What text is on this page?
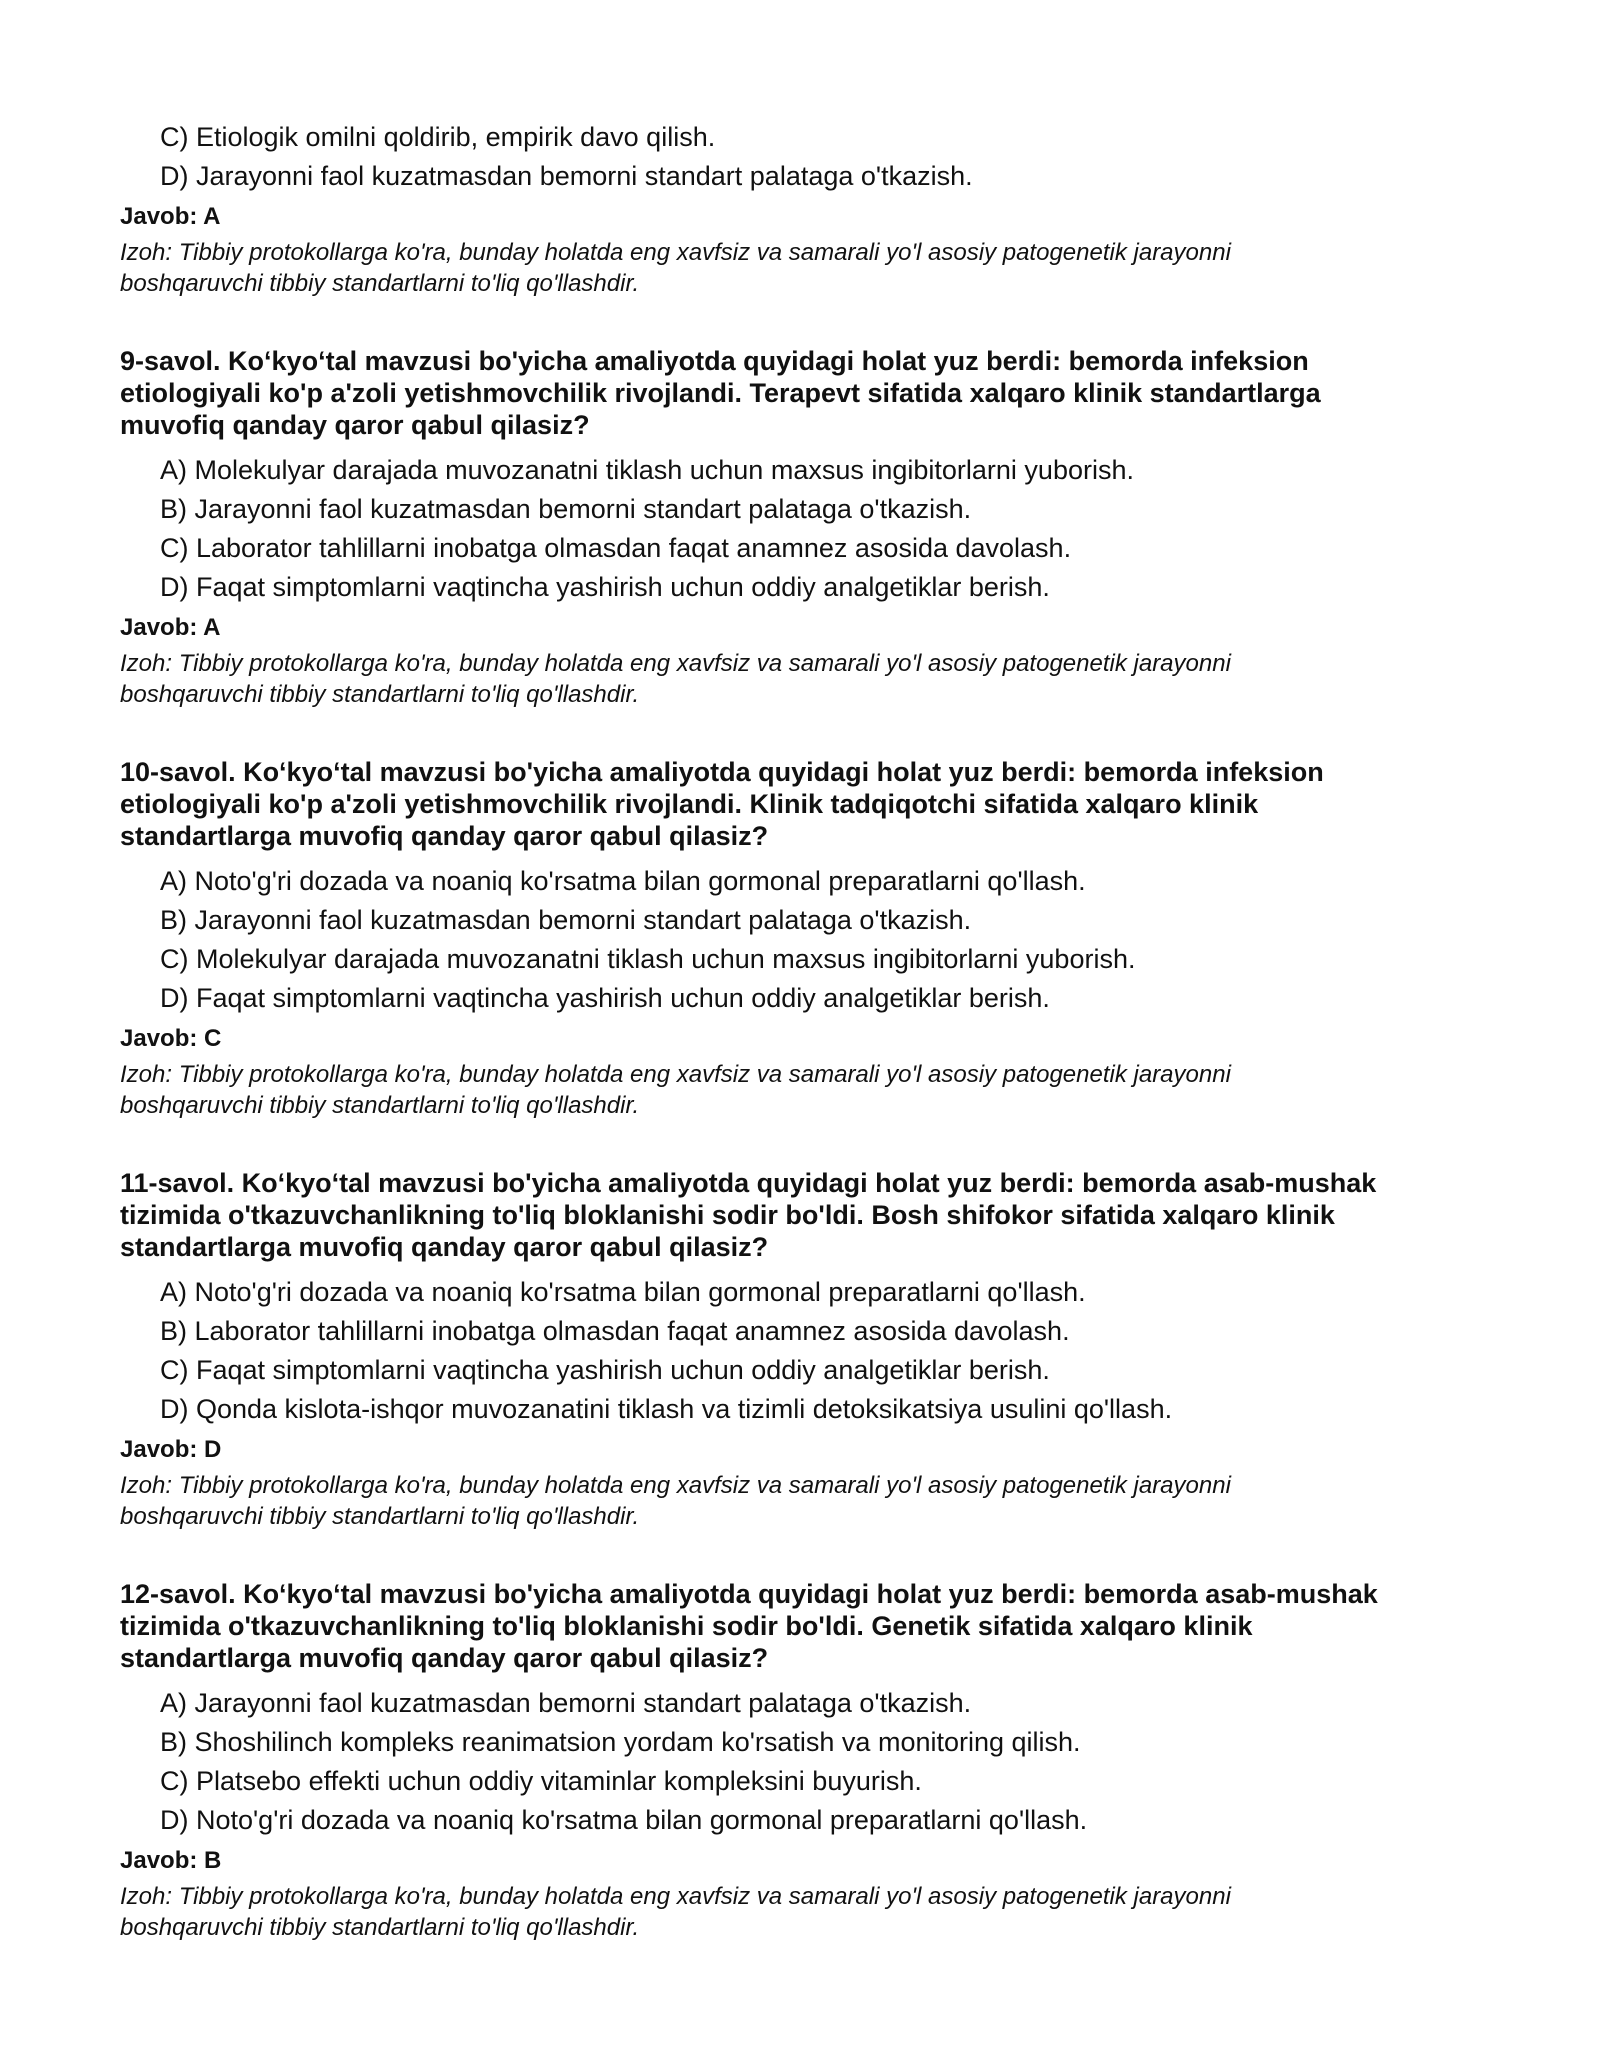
C) Etiologik omilni qoldirib, empirik davo qilish.
D) Jarayonni faol kuzatmasdan bemorni standart palataga o'tkazish.
Javob: A
Izoh: Tibbiy protokollarga ko'ra, bunday holatda eng xavfsiz va samarali yo'l asosiy patogenetik jarayonni
boshqaruvchi tibbiy standartlarni to'liq qo'llashdir.
9-savol. Ko‘kyo‘tal mavzusi bo'yicha amaliyotda quyidagi holat yuz berdi: bemorda infeksion
etiologiyali ko'p a'zoli yetishmovchilik rivojlandi. Terapevt sifatida xalqaro klinik standartlarga
muvofiq qanday qaror qabul qilasiz?
A) Molekulyar darajada muvozanatni tiklash uchun maxsus ingibitorlarni yuborish.
B) Jarayonni faol kuzatmasdan bemorni standart palataga o'tkazish.
C) Laborator tahlillarni inobatga olmasdan faqat anamnez asosida davolash.
D) Faqat simptomlarni vaqtincha yashirish uchun oddiy analgetiklar berish.
Javob: A
Izoh: Tibbiy protokollarga ko'ra, bunday holatda eng xavfsiz va samarali yo'l asosiy patogenetik jarayonni
boshqaruvchi tibbiy standartlarni to'liq qo'llashdir.
10-savol. Ko‘kyo‘tal mavzusi bo'yicha amaliyotda quyidagi holat yuz berdi: bemorda infeksion
etiologiyali ko'p a'zoli yetishmovchilik rivojlandi. Klinik tadqiqotchi sifatida xalqaro klinik
standartlarga muvofiq qanday qaror qabul qilasiz?
A) Noto'g'ri dozada va noaniq ko'rsatma bilan gormonal preparatlarni qo'llash.
B) Jarayonni faol kuzatmasdan bemorni standart palataga o'tkazish.
C) Molekulyar darajada muvozanatni tiklash uchun maxsus ingibitorlarni yuborish.
D) Faqat simptomlarni vaqtincha yashirish uchun oddiy analgetiklar berish.
Javob: C
Izoh: Tibbiy protokollarga ko'ra, bunday holatda eng xavfsiz va samarali yo'l asosiy patogenetik jarayonni
boshqaruvchi tibbiy standartlarni to'liq qo'llashdir.
11-savol. Ko‘kyo‘tal mavzusi bo'yicha amaliyotda quyidagi holat yuz berdi: bemorda asab-mushak
tizimida o'tkazuvchanlikning to'liq bloklanishi sodir bo'ldi. Bosh shifokor sifatida xalqaro klinik
standartlarga muvofiq qanday qaror qabul qilasiz?
A) Noto'g'ri dozada va noaniq ko'rsatma bilan gormonal preparatlarni qo'llash.
B) Laborator tahlillarni inobatga olmasdan faqat anamnez asosida davolash.
C) Faqat simptomlarni vaqtincha yashirish uchun oddiy analgetiklar berish.
D) Qonda kislota-ishqor muvozanatini tiklash va tizimli detoksikatsiya usulini qo'llash.
Javob: D
Izoh: Tibbiy protokollarga ko'ra, bunday holatda eng xavfsiz va samarali yo'l asosiy patogenetik jarayonni
boshqaruvchi tibbiy standartlarni to'liq qo'llashdir.
12-savol. Ko‘kyo‘tal mavzusi bo'yicha amaliyotda quyidagi holat yuz berdi: bemorda asab-mushak
tizimida o'tkazuvchanlikning to'liq bloklanishi sodir bo'ldi. Genetik sifatida xalqaro klinik
standartlarga muvofiq qanday qaror qabul qilasiz?
A) Jarayonni faol kuzatmasdan bemorni standart palataga o'tkazish.
B) Shoshilinch kompleks reanimatsion yordam ko'rsatish va monitoring qilish.
C) Platsebo effekti uchun oddiy vitaminlar kompleksini buyurish.
D) Noto'g'ri dozada va noaniq ko'rsatma bilan gormonal preparatlarni qo'llash.
Javob: B
Izoh: Tibbiy protokollarga ko'ra, bunday holatda eng xavfsiz va samarali yo'l asosiy patogenetik jarayonni
boshqaruvchi tibbiy standartlarni to'liq qo'llashdir.
